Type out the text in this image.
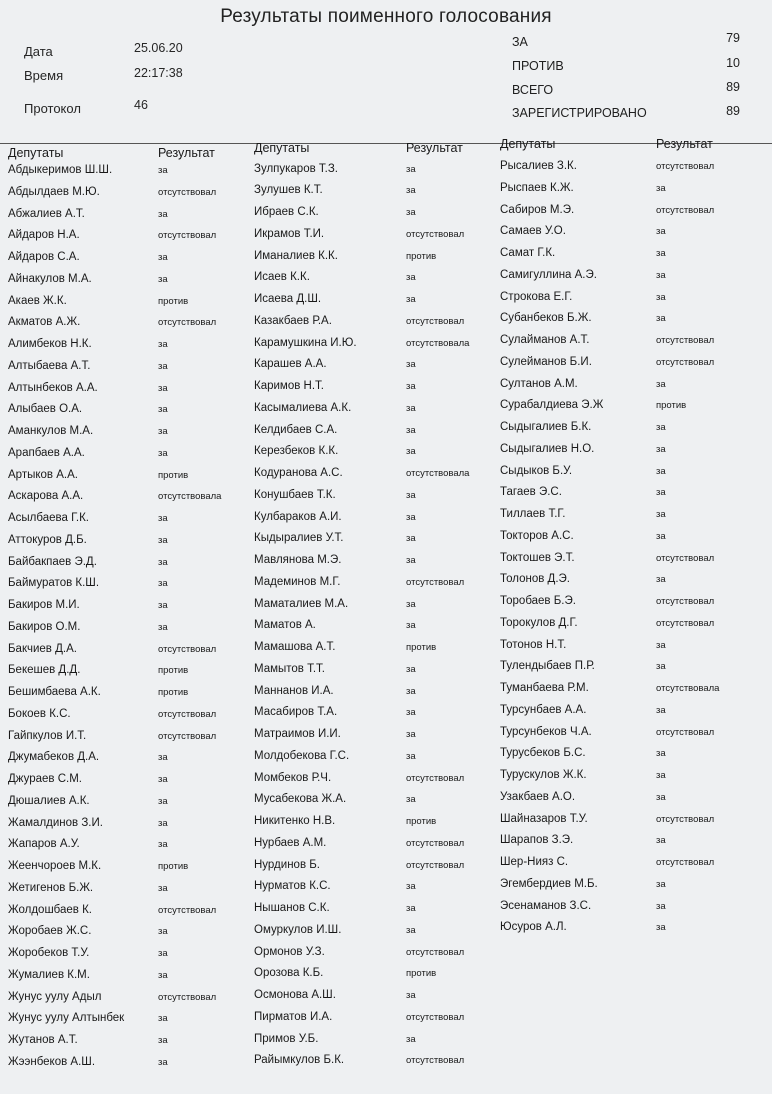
Результаты поименного голосования
Дата	25.06.20
Время	22:17:38
Протокол	46
ЗА	79
ПРОТИВ	10
ВСЕГО	89
ЗАРЕГИСТРИРОВАНО	89
Депутаты	Результат
Абдыкеримов Ш.Ш.	за
Абдылдаев М.Ю.	отсутствовал
Абжалиев А.Т.	за
Айдаров Н.А.	отсутствовал
Айдаров С.А.	за
Айнакулов М.А.	за
Акаев Ж.К.	против
Акматов А.Ж.	отсутствовал
Алимбеков Н.К.	за
Алтыбаева А.Т.	за
Алтынбеков А.А.	за
Алыбаев О.А.	за
Аманкулов М.А.	за
Арапбаев А.А.	за
Артыков А.А.	против
Аскарова А.А.	отсутствовала
Асылбаева Г.К.	за
Аттокуров Д.Б.	за
Байбакпаев Э.Д.	за
Баймуратов К.Ш.	за
Бакиров М.И.	за
Бакиров О.М.	за
Бакчиев Д.А.	отсутствовал
Бекешев Д.Д.	против
Бешимбаева А.К.	против
Бокоев К.С.	отсутствовал
Гайпкулов И.Т.	отсутствовал
Джумабеков Д.А.	за
Джураев С.М.	за
Дюшалиев А.К.	за
Жамалдинов З.И.	за
Жапаров А.У.	за
Жеенчороев М.К.	против
Жетигенов Б.Ж.	за
Жолдошбаев К.	отсутствовал
Жоробаев Ж.С.	за
Жоробеков Т.У.	за
Жумалиев К.М.	за
Жунус уулу Адыл	отсутствовал
Жунус уулу Алтынбек	за
Жутанов А.Т.	за
Жээнбеков А.Ш.	за
Депутаты	Результат
Зулпукаров Т.З.	за
Зулушев К.Т.	за
Ибраев С.К.	за
Икрамов Т.И.	отсутствовал
Иманалиев К.К.	против
Исаев К.К.	за
Исаева Д.Ш.	за
Казакбаев Р.А.	отсутствовал
Карамушкина И.Ю.	отсутствовала
Карашев А.А.	за
Каримов Н.Т.	за
Касымалиева А.К.	за
Келдибаев С.А.	за
Керезбеков К.К.	за
Кодуранова А.С.	отсутствовала
Конушбаев Т.К.	за
Кулбараков А.И.	за
Кыдыралиев У.Т.	за
Мавлянова М.Э.	за
Мадеминов М.Г.	отсутствовал
Маматалиев М.А.	за
Маматов А.	за
Мамашова А.Т.	против
Мамытов Т.Т.	за
Маннанов И.А.	за
Масабиров Т.А.	за
Матраимов И.И.	за
Молдобекова Г.С.	за
Момбеков Р.Ч.	отсутствовал
Мусабекова Ж.А.	за
Никитенко Н.В.	против
Нурбаев А.М.	отсутствовал
Нурдинов Б.	отсутствовал
Нурматов К.С.	за
Нышанов С.К.	за
Омуркулов И.Ш.	за
Ормонов У.З.	отсутствовал
Орозова К.Б.	против
Осмонова А.Ш.	за
Пирматов И.А.	отсутствовал
Примов У.Б.	за
Райымкулов Б.К.	отсутствовал
Депутаты	Результат
Рысалиев З.К.	отсутствовал
Рыспаев К.Ж.	за
Сабиров М.Э.	отсутствовал
Самаев У.О.	за
Самат Г.К.	за
Самигуллина А.Э.	за
Строкова Е.Г.	за
Субанбеков Б.Ж.	за
Сулайманов А.Т.	отсутствовал
Сулейманов Б.И.	отсутствовал
Султанов А.М.	за
Сурабалдиева Э.Ж	против
Сыдыгалиев Б.К.	за
Сыдыгалиев Н.О.	за
Сыдыков Б.У.	за
Тагаев Э.С.	за
Тиллаев Т.Г.	за
Токторов А.С.	за
Токтошев Э.Т.	отсутствовал
Толонов Д.Э.	за
Торобаев Б.Э.	отсутствовал
Торокулов Д.Г.	отсутствовал
Тотонов Н.Т.	за
Тулендыбаев П.Р.	за
Туманбаева Р.М.	отсутствовала
Турсунбаев А.А.	за
Турсунбеков Ч.А.	отсутствовал
Турусбеков Б.С.	за
Турускулов Ж.К.	за
Узакбаев А.О.	за
Шайназаров Т.У.	отсутствовал
Шарапов З.Э.	за
Шер-Нияз С.	отсутствовал
Эгембердиев М.Б.	за
Эсенаманов З.С.	за
Юсуров А.Л.	за
